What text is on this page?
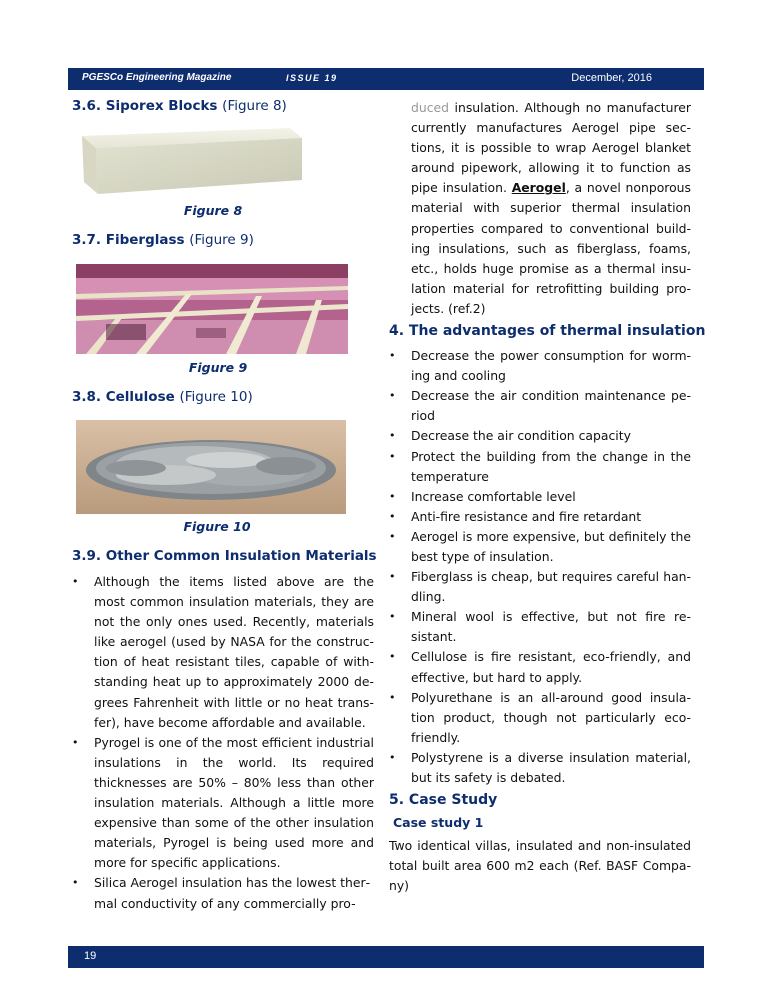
PGESCo Engineering Magazine	ISSUE 19	December, 2016
3.6. Siporex Blocks (Figure 8)
Figure 8
3.7. Fiberglass (Figure 9)
Figure 9
3.8. Cellulose (Figure 10)
Figure 10
3.9. Other Common Insulation Materials
• Although the items listed above are the most common insulation materials, they are not the only ones used. Recently, materials like aerogel (used by NASA for the construction of heat resistant tiles, capable of withstanding heat up to approximately 2000 degrees Fahrenheit with little or no heat transfer), have become affordable and available.
• Pyrogel is one of the most efficient industrial insulations in the world. Its required thicknesses are 50% – 80% less than other insulation materials. Although a little more expensive than some of the other insulation materials, Pyrogel is being used more and more for specific applications.
• Silica Aerogel insulation has the lowest thermal conductivity of any commercially pro-
duced insulation. Although no manufacturer currently manufactures Aerogel pipe sections, it is possible to wrap Aerogel blanket around pipework, allowing it to function as pipe insulation. Aerogel, a novel nonporous material with superior thermal insulation properties compared to conventional building insulations, such as fiberglass, foams, etc., holds huge promise as a thermal insulation material for retrofitting building projects. (ref.2)
4. The advantages of thermal insulation
• Decrease the power consumption for worming and cooling
• Decrease the air condition maintenance period
• Decrease the air condition capacity
• Protect the building from the change in the temperature
• Increase comfortable level
• Anti-fire resistance and fire retardant
• Aerogel is more expensive, but definitely the best type of insulation.
• Fiberglass is cheap, but requires careful handling.
• Mineral wool is effective, but not fire resistant.
• Cellulose is fire resistant, eco-friendly, and effective, but hard to apply.
• Polyurethane is an all-around good insulation product, though not particularly eco-friendly.
• Polystyrene is a diverse insulation material, but its safety is debated.
5. Case Study
Case study 1
Two identical villas, insulated and non-insulated total built area 600 m2 each (Ref. BASF Company)
19
